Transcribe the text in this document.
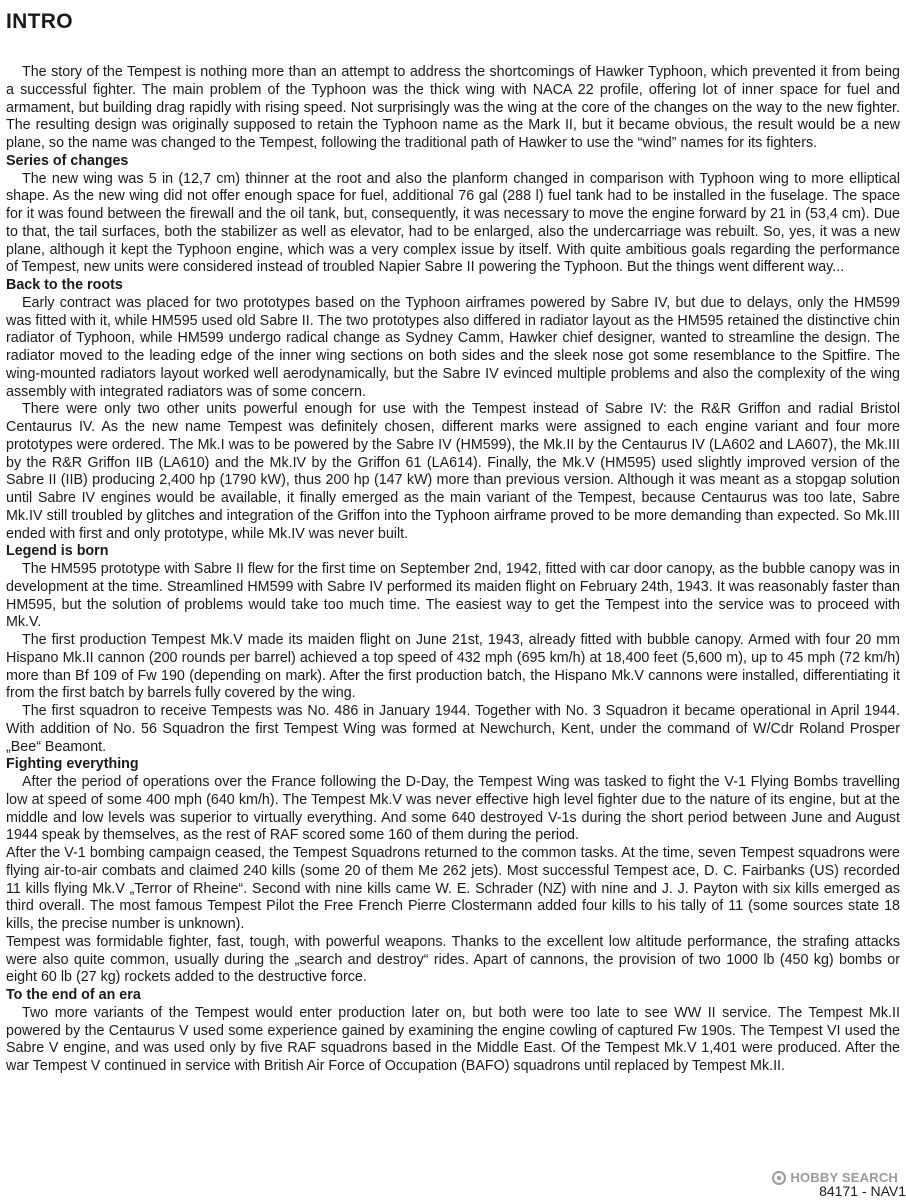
INTRO

The story of the Tempest is nothing more than an attempt to address the shortcomings of Hawker Typhoon, which prevented it from being a successful fighter. The main problem of the Typhoon was the thick wing with NACA 22 profile, offering lot of inner space for fuel and armament, but building drag rapidly with rising speed. Not surprisingly was the wing at the core of the changes on the way to the new fighter. The resulting design was originally supposed to retain the Typhoon name as the Mark II, but it became obvious, the result would be a new plane, so the name was changed to the Tempest, following the traditional path of Hawker to use the “wind” names for its fighters.

Series of changes

The new wing was 5 in (12,7 cm) thinner at the root and also the planform changed in comparison with Typhoon wing to more elliptical shape. As the new wing did not offer enough space for fuel, additional 76 gal (288 l) fuel tank had to be installed in the fuselage. The space for it was found between the firewall and the oil tank, but, consequently, it was necessary to move the engine forward by 21 in (53,4 cm). Due to that, the tail surfaces, both the stabilizer as well as elevator, had to be enlarged, also the undercarriage was rebuilt. So, yes, it was a new plane, although it kept the Typhoon engine, which was a very complex issue by itself. With quite ambitious goals regarding the performance of Tempest, new units were considered instead of troubled Napier Sabre II powering the Typhoon. But the things went different way...

Back to the roots

Early contract was placed for two prototypes based on the Typhoon airframes powered by Sabre IV, but due to delays, only the HM599 was fitted with it, while HM595 used old Sabre II. The two prototypes also differed in radiator layout as the HM595 retained the distinctive chin radiator of Typhoon, while HM599 undergo radical change as Sydney Camm, Hawker chief designer, wanted to streamline the design. The radiator moved to the leading edge of the inner wing sections on both sides and the sleek nose got some resemblance to the Spitfire. The wing-mounted radiators layout worked well aerodynamically, but the Sabre IV evinced multiple problems and also the complexity of the wing assembly with integrated radiators was of some concern.

There were only two other units powerful enough for use with the Tempest instead of Sabre IV: the R&R Griffon and radial Bristol Centaurus IV. As the new name Tempest was definitely chosen, different marks were assigned to each engine variant and four more prototypes were ordered. The Mk.I was to be powered by the Sabre IV (HM599), the Mk.II by the Centaurus IV (LA602 and LA607), the Mk.III by the R&R Griffon IIB (LA610) and the Mk.IV by the Griffon 61 (LA614). Finally, the Mk.V (HM595) used slightly improved version of the Sabre II (IIB) producing 2,400 hp (1790 kW), thus 200 hp (147 kW) more than previous version. Although it was meant as a stopgap solution until Sabre IV engines would be available, it finally emerged as the main variant of the Tempest, because Centaurus was too late, Sabre Mk.IV still troubled by glitches and integration of the Griffon into the Typhoon airframe proved to be more demanding than expected. So Mk.III ended with first and only prototype, while Mk.IV was never built.

Legend is born

The HM595 prototype with Sabre II flew for the first time on September 2nd, 1942, fitted with car door canopy, as the bubble canopy was in development at the time. Streamlined HM599 with Sabre IV performed its maiden flight on February 24th, 1943. It was reasonably faster than HM595, but the solution of problems would take too much time. The easiest way to get the Tempest into the service was to proceed with Mk.V.

The first production Tempest Mk.V made its maiden flight on June 21st, 1943, already fitted with bubble canopy. Armed with four 20 mm Hispano Mk.II cannon (200 rounds per barrel) achieved a top speed of 432 mph (695 km/h) at 18,400 feet (5,600 m), up to 45 mph (72 km/h) more than Bf 109 of Fw 190 (depending on mark). After the first production batch, the Hispano Mk.V cannons were installed, differentiating it from the first batch by barrels fully covered by the wing.

The first squadron to receive Tempests was No. 486 in January 1944. Together with No. 3 Squadron it became operational in April 1944. With addition of No. 56 Squadron the first Tempest Wing was formed at Newchurch, Kent, under the command of W/Cdr Roland Prosper „Bee“ Beamont.

Fighting everything

After the period of operations over the France following the D-Day, the Tempest Wing was tasked to fight the V-1 Flying Bombs travelling low at speed of some 400 mph (640 km/h). The Tempest Mk.V was never effective high level fighter due to the nature of its engine, but at the middle and low levels was superior to virtually everything. And some 640 destroyed V-1s during the short period between June and August 1944 speak by themselves, as the rest of RAF scored some 160 of them during the period.

After the V-1 bombing campaign ceased, the Tempest Squadrons returned to the common tasks. At the time, seven Tempest squadrons were flying air-to-air combats and claimed 240 kills (some 20 of them Me 262 jets). Most successful Tempest ace, D. C. Fairbanks (US) recorded 11 kills flying Mk.V „Terror of Rheine“. Second with nine kills came W. E. Schrader (NZ) with nine and J. J. Payton with six kills emerged as third overall. The most famous Tempest Pilot the Free French Pierre Clostermann added four kills to his tally of 11 (some sources state 18 kills, the precise number is unknown).

Tempest was formidable fighter, fast, tough, with powerful weapons. Thanks to the excellent low altitude performance, the strafing attacks were also quite common, usually during the „search and destroy“ rides. Apart of cannons, the provision of two 1000 lb (450 kg) bombs or eight 60 lb (27 kg) rockets added to the destructive force.

To the end of an era

Two more variants of the Tempest would enter production later on, but both were too late to see WW II service. The Tempest Mk.II powered by the Centaurus V used some experience gained by examining the engine cowling of captured Fw 190s. The Tempest VI used the Sabre V engine, and was used only by five RAF squadrons based in the Middle East. Of the Tempest Mk.V 1,401 were produced. After the war Tempest V continued in service with British Air Force of Occupation (BAFO) squadrons until replaced by Tempest Mk.II.

HOBBY SEARCH
84171 - NAV1
